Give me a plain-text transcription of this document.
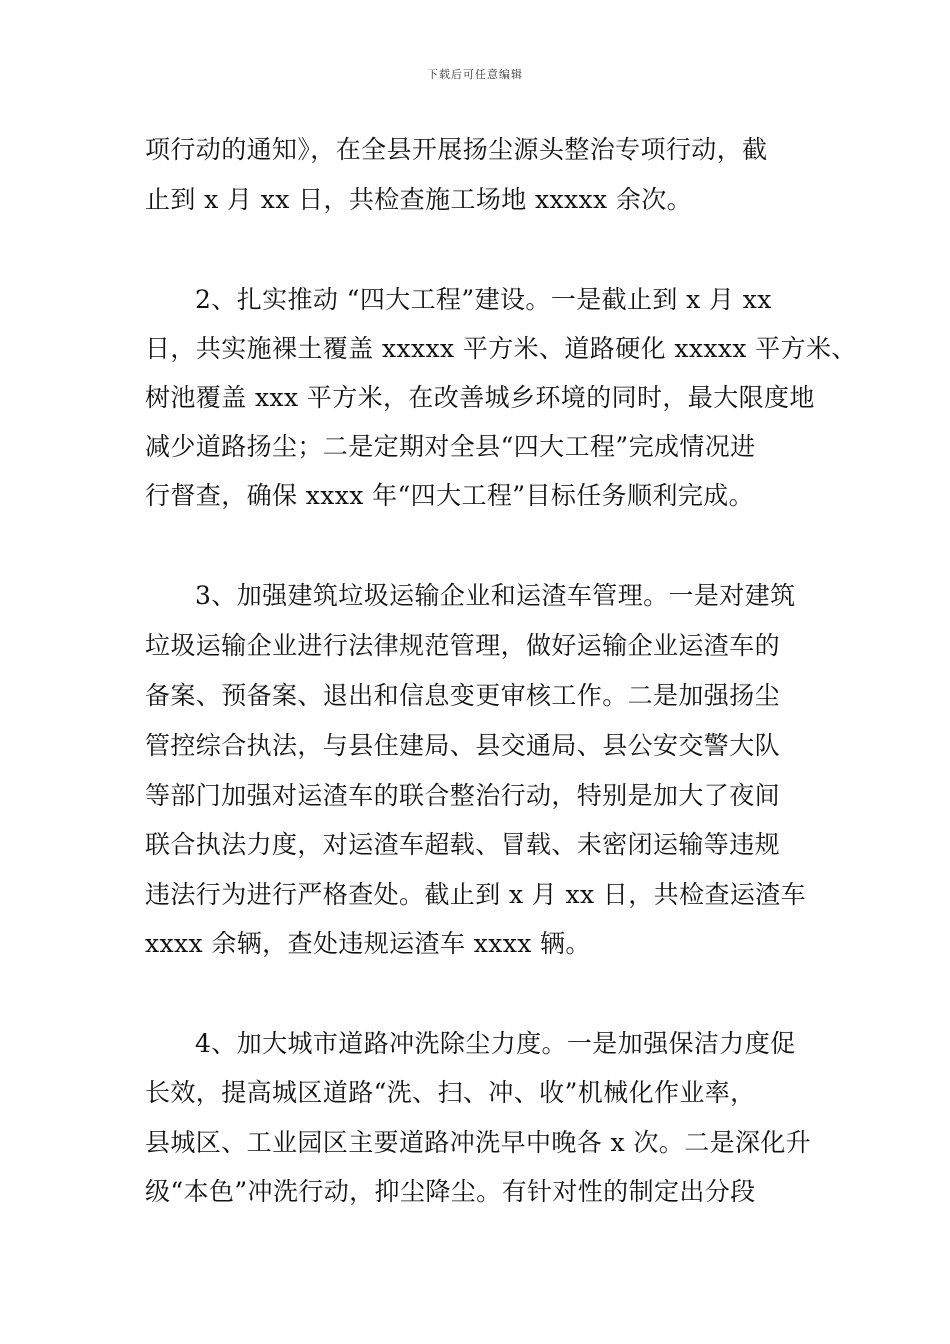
下载后可任意编辑
项行动的通知》，在全县开展扬尘源头整治专项行动，截
止到 x 月 xx 日，共检查施工场地 xxxxx 余次。
2、扎实推动 “四大工程”建设。一是截止到 x 月 xx
日，共实施裸土覆盖 xxxxx 平方米、道路硬化 xxxxx 平方米、
树池覆盖 xxx 平方米，在改善城乡环境的同时，最大限度地
减少道路扬尘；二是定期对全县“四大工程”完成情况进
行督查，确保 xxxx 年“四大工程”目标任务顺利完成。
3、加强建筑垃圾运输企业和运渣车管理。一是对建筑
垃圾运输企业进行法律规范管理，做好运输企业运渣车的
备案、预备案、退出和信息变更审核工作。二是加强扬尘
管控综合执法，与县住建局、县交通局、县公安交警大队
等部门加强对运渣车的联合整治行动，特别是加大了夜间
联合执法力度，对运渣车超载、冒载、未密闭运输等违规
违法行为进行严格查处。截止到 x 月 xx 日，共检查运渣车
xxxx 余辆，查处违规运渣车 xxxx 辆。
4、加大城市道路冲洗除尘力度。一是加强保洁力度促
长效，提高城区道路“洗、扫、冲、收”机械化作业率，
县城区、工业园区主要道路冲洗早中晚各 x 次。二是深化升
级“本色”冲洗行动，抑尘降尘。有针对性的制定出分段
